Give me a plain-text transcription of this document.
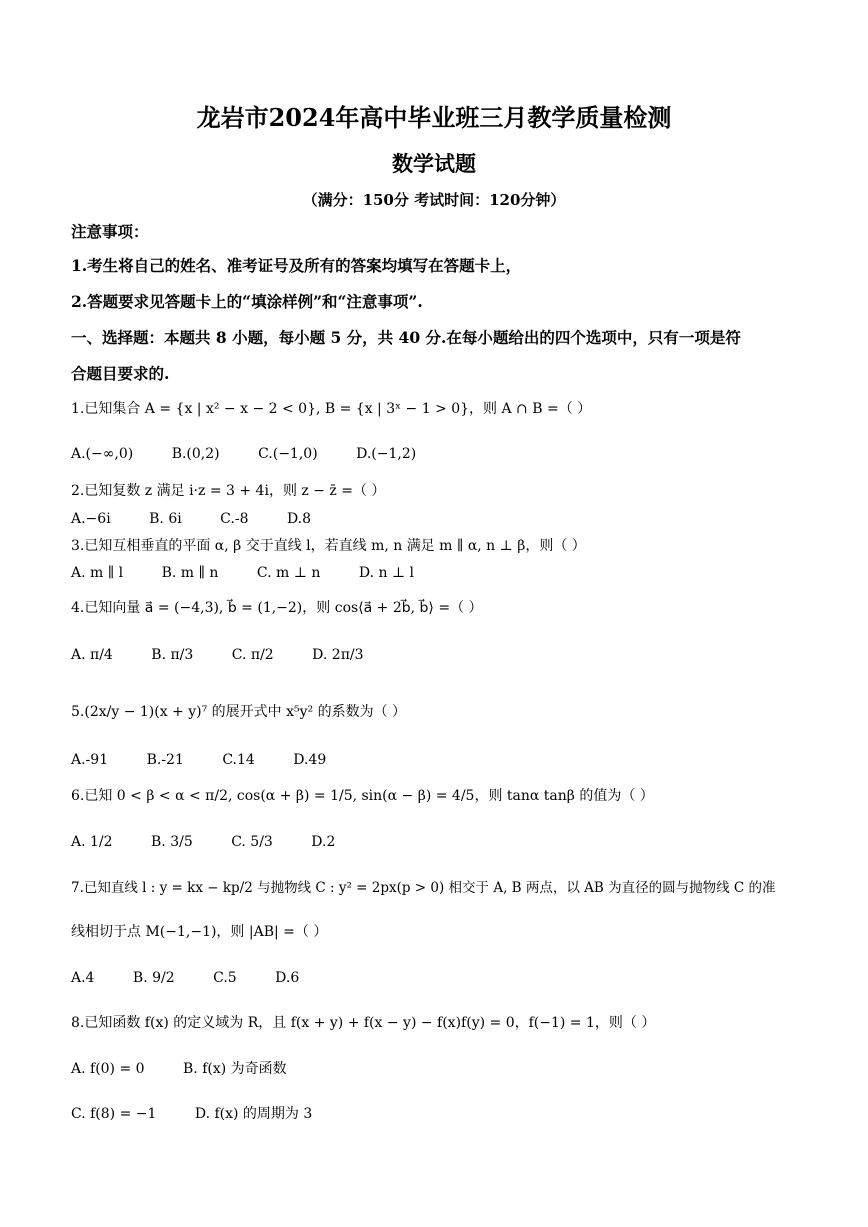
龙岩市2024年高中毕业班三月教学质量检测
数学试题
（满分：150分 考试时间：120分钟）
注意事项：
1.考生将自己的姓名、准考证号及所有的答案均填写在答题卡上，
2.答题要求见答题卡上的“填涂样例”和“注意事项”.
一、选择题：本题共 8 小题，每小题 5 分，共 40 分.在每小题给出的四个选项中，只有一项是符
合题目要求的.
1.已知集合 A = {x | x² − x − 2 < 0}, B = {x | 3ˣ − 1 > 0}，则 A ∩ B =（ ）
A.(−∞,0)	B.(0,2)	C.(−1,0)	D.(−1,2)
2.已知复数 z 满足 i·z = 3 + 4i，则 z − z̄ =（ ）
A.−6i	B. 6i	C.-8	D.8
3.已知互相垂直的平面 α, β 交于直线 l，若直线 m, n 满足 m ∥ α, n ⊥ β，则（ ）
A. m ∥ l	B. m ∥ n	C. m ⊥ n	D. n ⊥ l
4.已知向量 a⃗ = (−4,3), b⃗ = (1,−2)，则 cos⟨a⃗ + 2b⃗, b⃗⟩ =（ ）
A. π/4	B. π/3	C. π/2	D. 2π/3
5.(2x/y − 1)(x + y)⁷ 的展开式中 x⁵y² 的系数为（ ）
A.-91	B.-21	C.14	D.49
6.已知 0 < β < α < π/2, cos(α + β) = 1/5, sin(α − β) = 4/5，则 tanα tanβ 的值为（ ）
A. 1/2	B. 3/5	C. 5/3	D.2
7.已知直线 l : y = kx − kp/2 与抛物线 C : y² = 2px(p > 0) 相交于 A, B 两点，以 AB 为直径的圆与抛物线 C 的准
线相切于点 M(−1,−1)，则 |AB| =（ ）
A.4	B. 9/2	C.5	D.6
8.已知函数 f(x) 的定义域为 R，且 f(x + y) + f(x − y) − f(x)f(y) = 0，f(−1) = 1，则（ ）
A. f(0) = 0	B. f(x) 为奇函数
C. f(8) = −1	D. f(x) 的周期为 3
